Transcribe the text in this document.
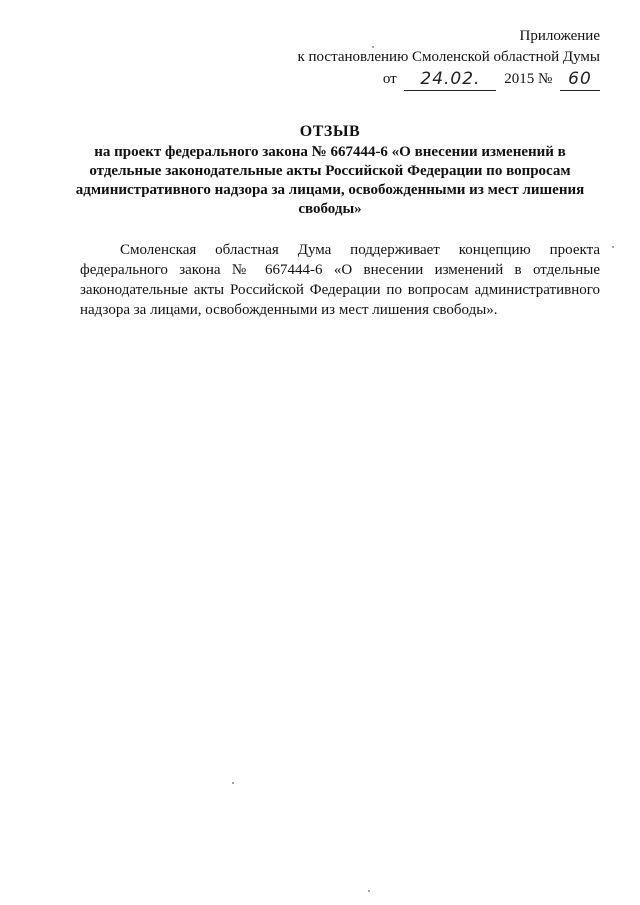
Приложение
к постановлению Смоленской областной Думы
от 24.02. 2015 № 60
ОТЗЫВ
на проект федерального закона № 667444-6 «О внесении изменений в отдельные законодательные акты Российской Федерации по вопросам административного надзора за лицами, освобожденными из мест лишения свободы»
Смоленская областная Дума поддерживает концепцию проекта федерального закона № 667444-6 «О внесении изменений в отдельные законодательные акты Российской Федерации по вопросам административного надзора за лицами, освобожденными из мест лишения свободы».
